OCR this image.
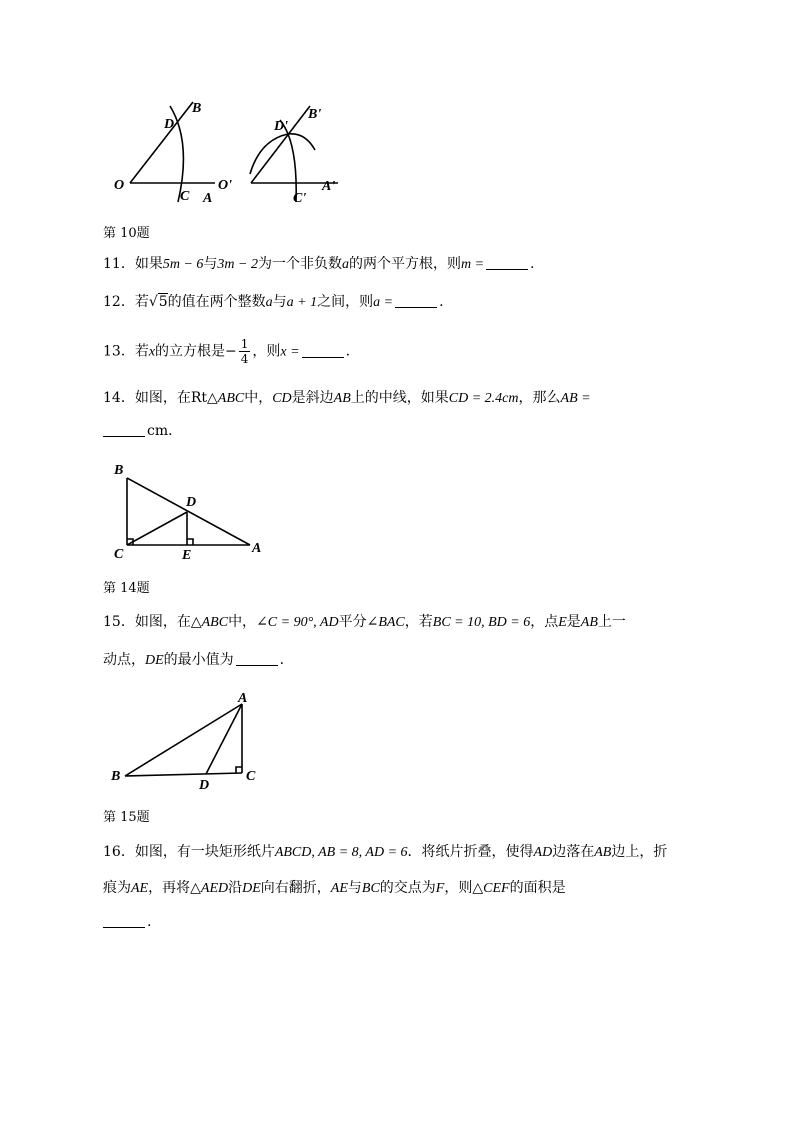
B
D
O
C A
B'
D'
O'
C'
A'
第 10题
11．如果5m − 6与3m − 2为一个非负数a的两个平方根，则m =	.
12．若√5的值在两个整数a与a + 1之间，则a =	.
13．若x的立方根是− $\frac{1}{4}$ ，则x =	.
14．如图，在Rt△ABC中，CD是斜边AB上的中线，如果CD = 2.4cm，那么AB =
cm．
B
D
C	E	A
第 14题
15．如图，在△ABC中，∠C = 90°, AD平分∠BAC，若BC = 10, BD = 6，点E是AB上一
动点，DE的最小值为	.
A
B
D
C
第 15题
16．如图，有一块矩形纸片ABCD, AB = 8, AD = 6．将纸片折叠，使得AD边落在AB边上，折
痕为AE，再将△AED沿DE向右翻折，AE与BC的交点为F，则△CEF的面积是
.
